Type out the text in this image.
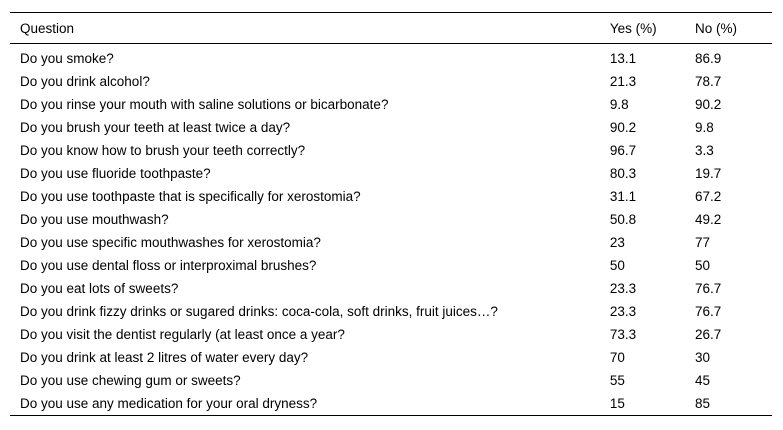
Question	Yes (%)	No (%)
Do you smoke?	13.1	86.9
Do you drink alcohol?	21.3	78.7
Do you rinse your mouth with saline solutions or bicarbonate?	9.8	90.2
Do you brush your teeth at least twice a day?	90.2	9.8
Do you know how to brush your teeth correctly?	96.7	3.3
Do you use fluoride toothpaste?	80.3	19.7
Do you use toothpaste that is specifically for xerostomia?	31.1	67.2
Do you use mouthwash?	50.8	49.2
Do you use specific mouthwashes for xerostomia?	23	77
Do you use dental floss or interproximal brushes?	50	50
Do you eat lots of sweets?	23.3	76.7
Do you drink fizzy drinks or sugared drinks: coca-cola, soft drinks, fruit juices…?	23.3	76.7
Do you visit the dentist regularly (at least once a year?	73.3	26.7
Do you drink at least 2 litres of water every day?	70	30
Do you use chewing gum or sweets?	55	45
Do you use any medication for your oral dryness?	15	85
